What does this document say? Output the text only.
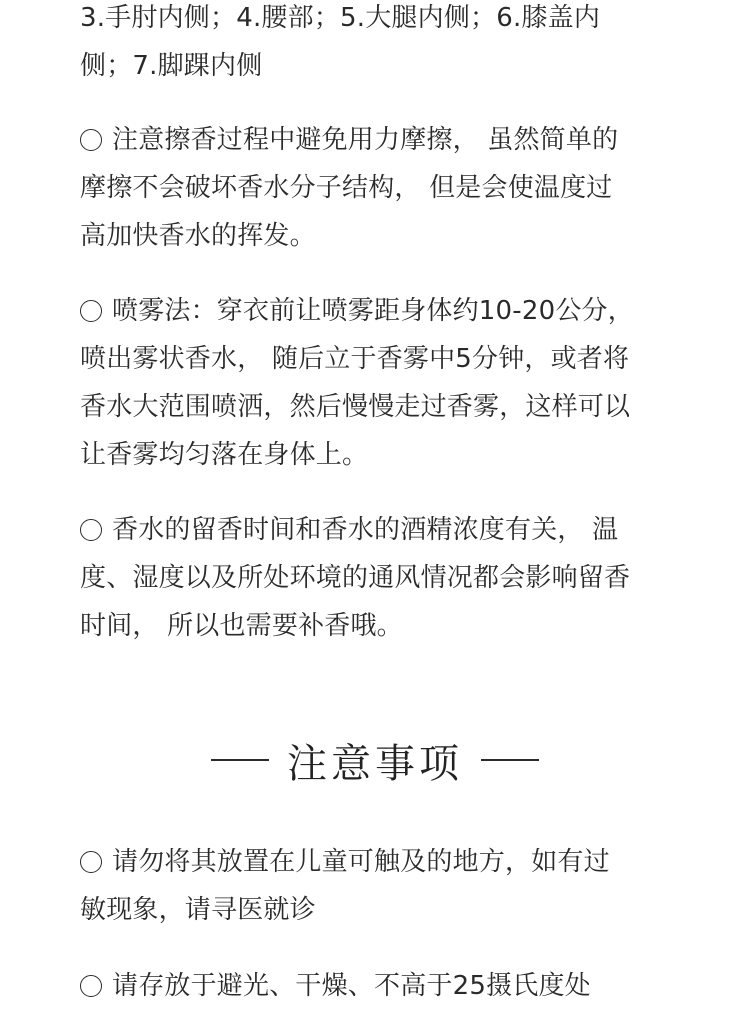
3.手肘内侧；4.腰部；5.大腿内侧；6.膝盖内
侧；7.脚踝内侧
注意擦香过程中避免用力摩擦， 虽然简单的
摩擦不会破坏香水分子结构， 但是会使温度过
高加快香水的挥发。
喷雾法：穿衣前让喷雾距身体约10-20公分，
喷出雾状香水， 随后立于香雾中5分钟，或者将
香水大范围喷洒，然后慢慢走过香雾，这样可以
让香雾均匀落在身体上。
香水的留香时间和香水的酒精浓度有关， 温
度、湿度以及所处环境的通风情况都会影响留香
时间， 所以也需要补香哦。
注意事项
请勿将其放置在儿童可触及的地方，如有过
敏现象，请寻医就诊
请存放于避光、干燥、不高于25摄氏度处
